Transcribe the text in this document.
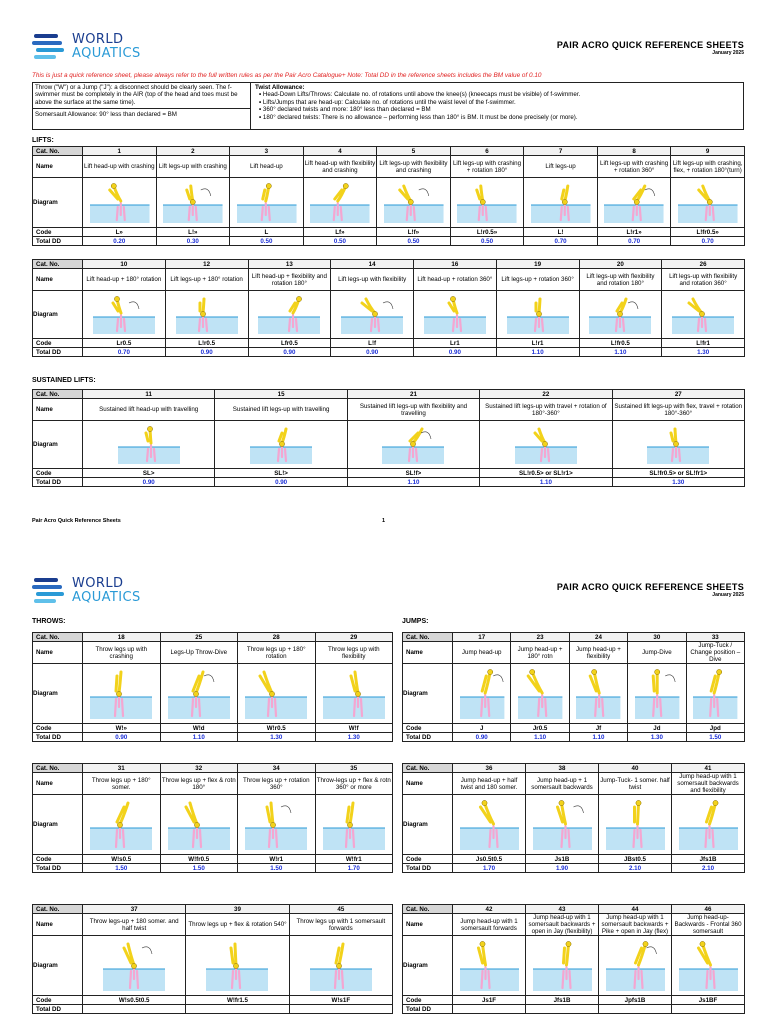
WORLD
AQUATICS
PAIR ACRO QUICK REFERENCE SHEETS
January 2025
This is just a quick reference sheet, please always refer to the full written rules as per the Pair Acro Catalogue+ Note: Total DD in the reference sheets includes the BM value of 0.10
Throw ("W") or a Jump ("J"): a disconnect should be clearly seen. The f-swimmer must be completely in the AIR (top of the head and toes must be above the surface at the same time).
Somersault Allowance: 90° less than declared = BM
Twist Allowance:
• Head-Down Lifts/Throws: Calculate no. of rotations until above the knee(s) (kneecaps must be visible) of f-swimmer.
• Lifts/Jumps that are head-up: Calculate no. of rotations until the waist level of the f-swimmer.
• 360° declared twists and more: 180° less than declared = BM
• 180° declared twists: There is no allowance – performing less than 180° is BM. It must be done precisely (or more).
LIFTS:
SUSTAINED LIFTS:
Pair Acro Quick Reference Sheets	1
Cat. No.	1	2	3	4	5	6	7	8	9
Name	Lift head-up with crashing	Lift legs-up with crashing	Lift head-up	Lift head-up with flexibility and crashing	Lift legs-up with flexibility and crashing	Lift legs-up with crashing + rotation 180°	Lift legs-up	Lift legs-up with crashing + rotation 360°	Lift legs-up with crashing, flex, + rotation 180°(turn)
Diagram	

Code	L»	L!»	L	Lf»	L!f»	L!r0.5»	L!	L!r1»	L!fr0.5»
Total DD	0.20	0.30	0.50	0.50	0.50	0.50	0.70	0.70	0.70
Cat. No.	10	12	13	14	16	19	20	26
Name	Lift head-up + 180° rotation	Lift legs-up + 180° rotation	Lift head-up + flexibility and rotation 180°	Lift legs-up with flexibility	Lift head-up + rotation 360°	Lift legs-up + rotation 360°	Lift legs-up with flexibility and rotation 180°	Lift legs-up with flexibility and rotation 360°
Diagram	

Code	Lr0.5	L!r0.5	Lfr0.5	L!f	Lr1	L!r1	L!fr0.5	L!fr1
Total DD	0.70	0.90	0.90	0.90	0.90	1.10	1.10	1.30
Cat. No.	11	15	21	22	27
Name	Sustained lift head-up with travelling	Sustained lift legs-up with travelling	Sustained lift legs-up with flexibility and travelling	Sustained lift legs-up with travel + rotation of 180°-360°	Sustained lift legs-up with flex, travel + rotation 180°-360°
Diagram	

Code	SL>	SL!>	SL!f>	SL!r0.5> or SL!r1>	SL!fr0.5> or SL!fr1>
Total DD	0.90	0.90	1.10	1.10	1.30
WORLD
AQUATICS
PAIR ACRO QUICK REFERENCE SHEETS
January 2025
THROWS:	JUMPS:
Cat. No.	18	25	28	29
Name	Throw legs up with crashing	Legs-Up Throw-Dive	Throw legs up + 180° rotation	Throw legs up with flexibility
Diagram	

Code	W!»	W!d	W!r0.5	W!f
Total DD	0.90	1.10	1.30	1.30
Cat. No.	17	23	24	30	33
Name	Jump head-up	Jump head-up + 180° rotn	Jump head-up + flexibility	Jump-Dive	Jump-Tuck / Change position – Dive
Diagram	

Code	J	Jr0.5	Jf	Jd	Jpd
Total DD	0.90	1.10	1.10	1.30	1.50
Cat. No.	31	32	34	35
Name	Throw legs up + 180° somer.	Throw legs up + flex & rotn 180°	Throw legs up + rotation 360°	Throw-legs up + flex & rotn 360° or more
Diagram	

Code	W!s0.5	W!fr0.5	W!r1	W!fr1
Total DD	1.50	1.50	1.50	1.70
Cat. No.	36	38	40	41
Name	Jump head-up + half twist and 180 somer.	Jump head-up + 1 somersault backwards	Jump-Tuck- 1 somer. half twist	Jump head-up with 1 somersault backwards and flexibility
Diagram	

Code	Js0.5t0.5	Js1B	JBst0.5	Jfs1B
Total DD	1.70	1.90	2.10	2.10
Cat. No.	37	39	45
Name	Throw legs-up + 180 somer. and half twist	Throw legs up + flex & rotation 540°	Throw legs up with 1 somersault forwards
Diagram	

Code	W!s0.5t0.5	W!fr1.5	W!s1F
Total DD			
Cat. No.	42	43	44	46
Name	Jump head-up with 1 somersault forwards	Jump head-up with 1 somersault backwards + open in Jay (flexibility)	Jump head-up with 1 somersault backwards + Pike + open in Jay (flex)	Jump head-up- Backwards - Frontal 360 somersault
Diagram	

Code	Js1F	Jfs1B	Jpfs1B	Js1BF
Total DD				
